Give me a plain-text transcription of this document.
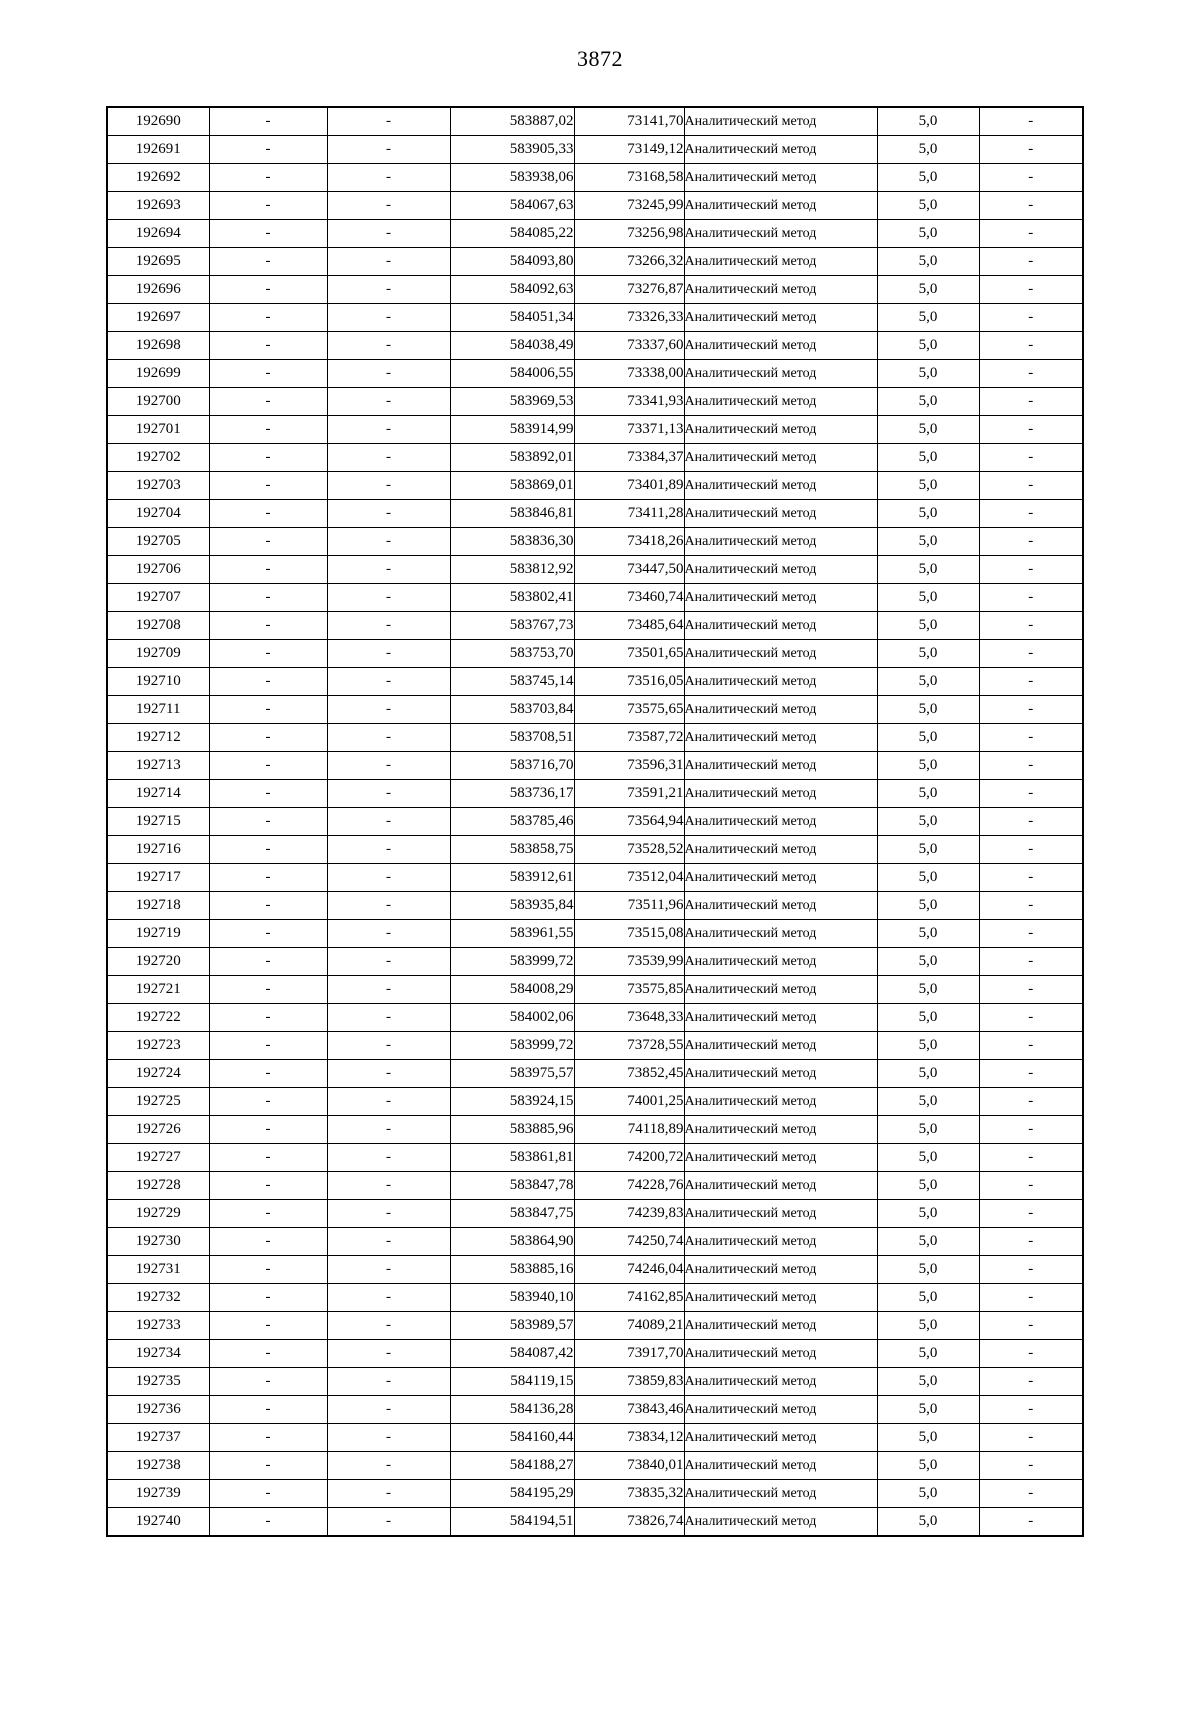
3872
192690	-	-	583887,02	73141,70	Аналитический метод	5,0	-
192691	-	-	583905,33	73149,12	Аналитический метод	5,0	-
192692	-	-	583938,06	73168,58	Аналитический метод	5,0	-
192693	-	-	584067,63	73245,99	Аналитический метод	5,0	-
192694	-	-	584085,22	73256,98	Аналитический метод	5,0	-
192695	-	-	584093,80	73266,32	Аналитический метод	5,0	-
192696	-	-	584092,63	73276,87	Аналитический метод	5,0	-
192697	-	-	584051,34	73326,33	Аналитический метод	5,0	-
192698	-	-	584038,49	73337,60	Аналитический метод	5,0	-
192699	-	-	584006,55	73338,00	Аналитический метод	5,0	-
192700	-	-	583969,53	73341,93	Аналитический метод	5,0	-
192701	-	-	583914,99	73371,13	Аналитический метод	5,0	-
192702	-	-	583892,01	73384,37	Аналитический метод	5,0	-
192703	-	-	583869,01	73401,89	Аналитический метод	5,0	-
192704	-	-	583846,81	73411,28	Аналитический метод	5,0	-
192705	-	-	583836,30	73418,26	Аналитический метод	5,0	-
192706	-	-	583812,92	73447,50	Аналитический метод	5,0	-
192707	-	-	583802,41	73460,74	Аналитический метод	5,0	-
192708	-	-	583767,73	73485,64	Аналитический метод	5,0	-
192709	-	-	583753,70	73501,65	Аналитический метод	5,0	-
192710	-	-	583745,14	73516,05	Аналитический метод	5,0	-
192711	-	-	583703,84	73575,65	Аналитический метод	5,0	-
192712	-	-	583708,51	73587,72	Аналитический метод	5,0	-
192713	-	-	583716,70	73596,31	Аналитический метод	5,0	-
192714	-	-	583736,17	73591,21	Аналитический метод	5,0	-
192715	-	-	583785,46	73564,94	Аналитический метод	5,0	-
192716	-	-	583858,75	73528,52	Аналитический метод	5,0	-
192717	-	-	583912,61	73512,04	Аналитический метод	5,0	-
192718	-	-	583935,84	73511,96	Аналитический метод	5,0	-
192719	-	-	583961,55	73515,08	Аналитический метод	5,0	-
192720	-	-	583999,72	73539,99	Аналитический метод	5,0	-
192721	-	-	584008,29	73575,85	Аналитический метод	5,0	-
192722	-	-	584002,06	73648,33	Аналитический метод	5,0	-
192723	-	-	583999,72	73728,55	Аналитический метод	5,0	-
192724	-	-	583975,57	73852,45	Аналитический метод	5,0	-
192725	-	-	583924,15	74001,25	Аналитический метод	5,0	-
192726	-	-	583885,96	74118,89	Аналитический метод	5,0	-
192727	-	-	583861,81	74200,72	Аналитический метод	5,0	-
192728	-	-	583847,78	74228,76	Аналитический метод	5,0	-
192729	-	-	583847,75	74239,83	Аналитический метод	5,0	-
192730	-	-	583864,90	74250,74	Аналитический метод	5,0	-
192731	-	-	583885,16	74246,04	Аналитический метод	5,0	-
192732	-	-	583940,10	74162,85	Аналитический метод	5,0	-
192733	-	-	583989,57	74089,21	Аналитический метод	5,0	-
192734	-	-	584087,42	73917,70	Аналитический метод	5,0	-
192735	-	-	584119,15	73859,83	Аналитический метод	5,0	-
192736	-	-	584136,28	73843,46	Аналитический метод	5,0	-
192737	-	-	584160,44	73834,12	Аналитический метод	5,0	-
192738	-	-	584188,27	73840,01	Аналитический метод	5,0	-
192739	-	-	584195,29	73835,32	Аналитический метод	5,0	-
192740	-	-	584194,51	73826,74	Аналитический метод	5,0	-
